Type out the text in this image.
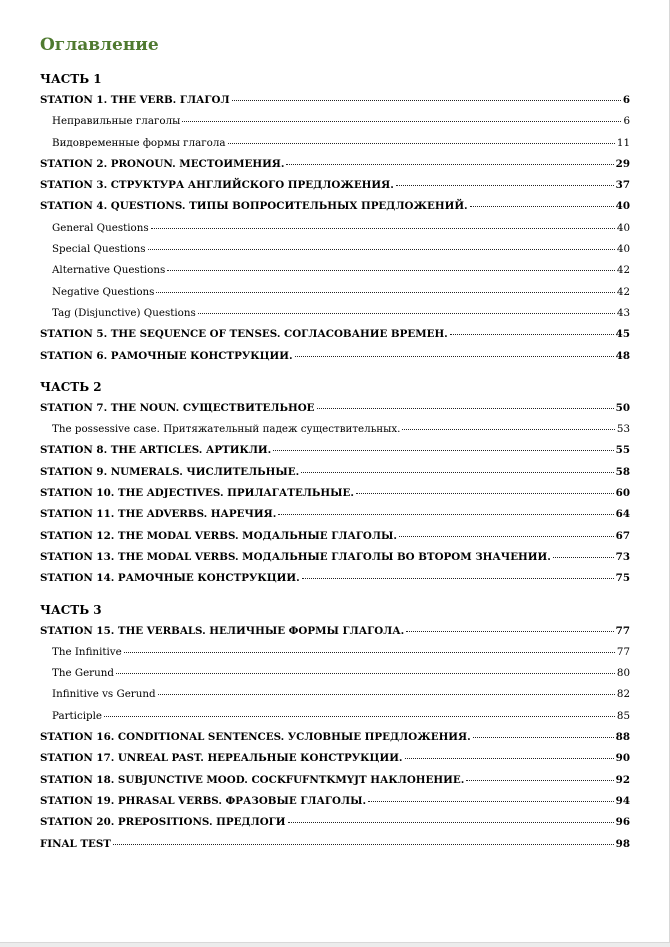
Оглавление
ЧАСТЬ 1
STATION 1. THE VERB. ГЛАГОЛ	6
Неправильные глаголы	6
Видовременные формы глагола	11
STATION 2. PRONOUN. МЕСТОИМЕНИЯ.	29
STATION 3. СТРУКТУРА АНГЛИЙСКОГО ПРЕДЛОЖЕНИЯ.	37
STATION 4. QUESTIONS. ТИПЫ ВОПРОСИТЕЛЬНЫХ ПРЕДЛОЖЕНИЙ.	40
General Questions	40
Special Questions	40
Alternative Questions	42
Negative Questions	42
Tag (Disjunctive) Questions	43
STATION 5. THE SEQUENCE OF TENSES. СОГЛАСОВАНИЕ ВРЕМЕН.	45
STATION 6. РАМОЧНЫЕ КОНСТРУКЦИИ.	48
ЧАСТЬ 2
STATION 7. THE NOUN. СУЩЕСТВИТЕЛЬНОЕ	50
The possessive case. Притяжательный падеж существительных.	53
STATION 8. THE ARTICLES. АРТИКЛИ.	55
STATION 9. NUMERALS. ЧИСЛИТЕЛЬНЫЕ.	58
STATION 10. THE ADJECTIVES. ПРИЛАГАТЕЛЬНЫЕ.	60
STATION 11. THE ADVERBS. НАРЕЧИЯ.	64
STATION 12. THE MODAL VERBS. МОДАЛЬНЫЕ ГЛАГОЛЫ.	67
STATION 13. THE MODAL VERBS. МОДАЛЬНЫЕ ГЛАГОЛЫ ВО ВТОРОМ ЗНАЧЕНИИ.	73
STATION 14. РАМОЧНЫЕ КОНСТРУКЦИИ.	75
ЧАСТЬ 3
STATION 15. THE VERBALS. НЕЛИЧНЫЕ ФОРМЫ ГЛАГОЛА.	77
The Infinitive	77
The Gerund	80
Infinitive vs Gerund	82
Participle	85
STATION 16. CONDITIONAL SENTENCES. УСЛОВНЫЕ ПРЕДЛОЖЕНИЯ.	88
STATION 17. UNREAL PAST. НЕРЕАЛЬНЫЕ КОНСТРУКЦИИ.	90
STATION 18. SUBJUNCTIVE MOOD. COCKFUFNTKMYJT НАКЛОНЕНИЕ.	92
STATION 19. PHRASAL VERBS. ФРАЗОВЫЕ ГЛАГОЛЫ.	94
STATION 20. PREPOSITIONS. ПРЕДЛОГИ	96
FINAL TEST	98
